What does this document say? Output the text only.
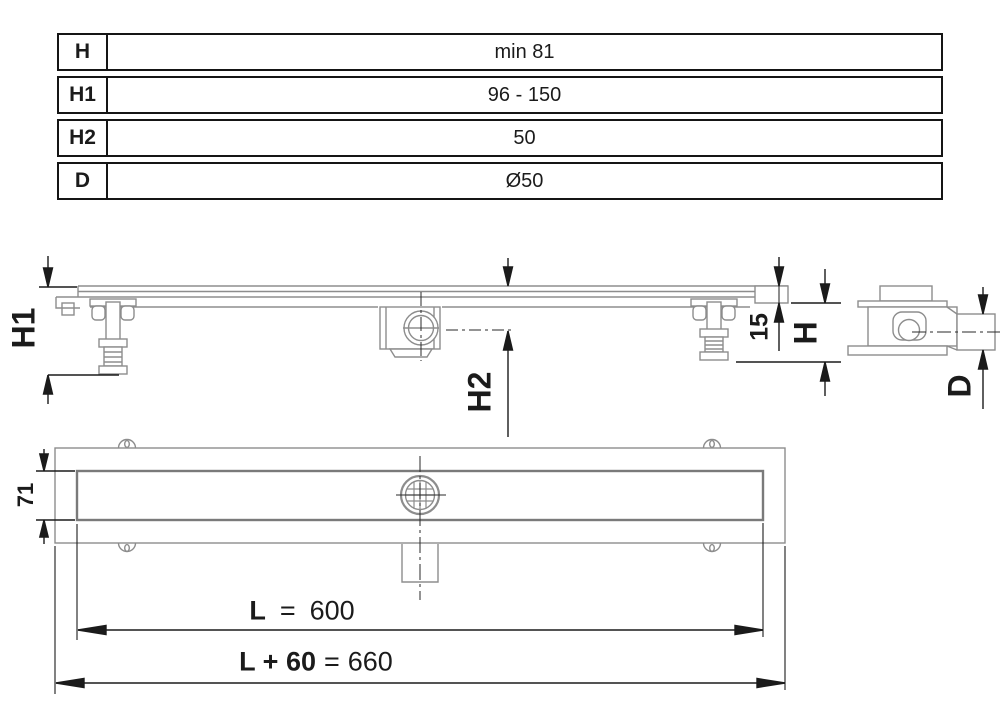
H	min 81
H1	96 - 150
H2	50
D	Ø50
H1
H2
15 H
D
71
L = 600
L + 60 = 660
